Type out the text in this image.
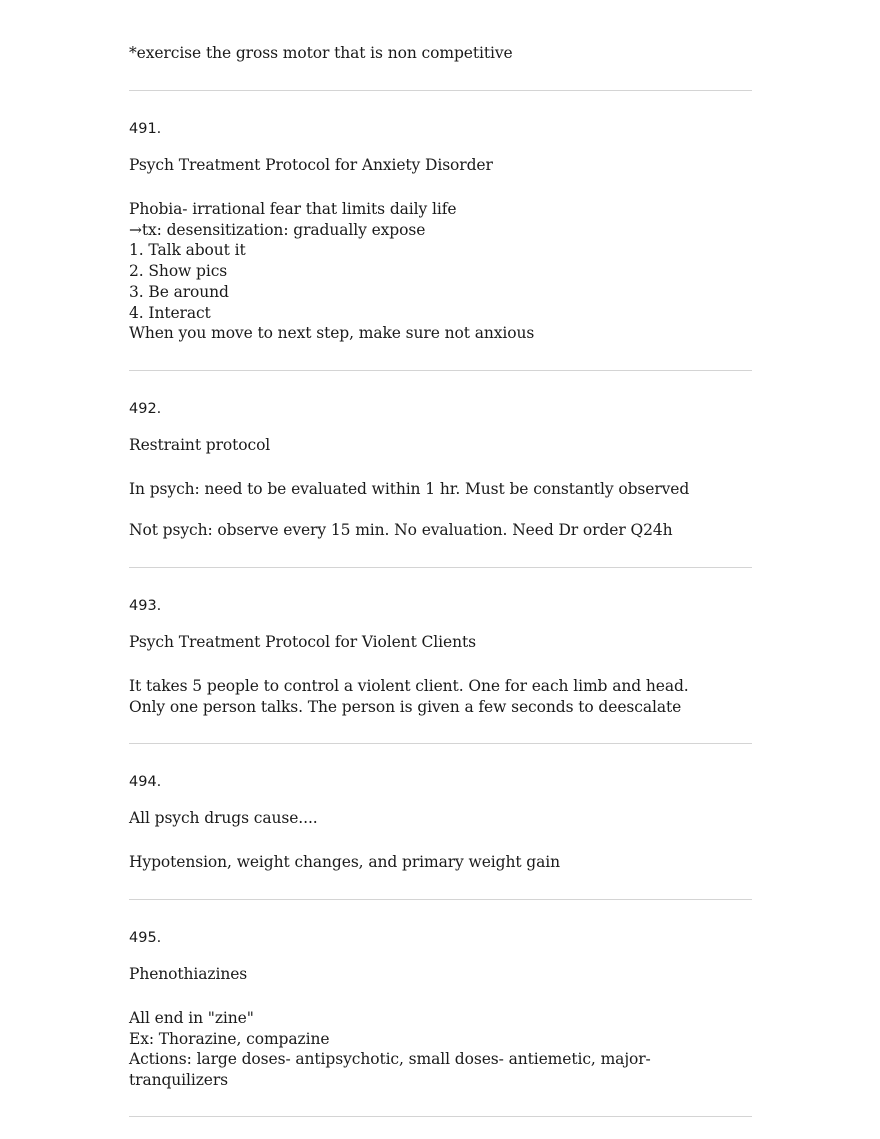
*exercise the gross motor that is non competitive
491.
Psych Treatment Protocol for Anxiety Disorder
Phobia- irrational fear that limits daily life
→tx: desensitization: gradually expose
1. Talk about it
2. Show pics
3. Be around
4. Interact
When you move to next step, make sure not anxious
492.
Restraint protocol
In psych: need to be evaluated within 1 hr. Must be constantly observed
Not psych: observe every 15 min. No evaluation. Need Dr order Q24h
493.
Psych Treatment Protocol for Violent Clients
It takes 5 people to control a violent client. One for each limb and head.
Only one person talks. The person is given a few seconds to deescalate
494.
All psych drugs cause....
Hypotension, weight changes, and primary weight gain
495.
Phenothiazines
All end in "zine"
Ex: Thorazine, compazine
Actions: large doses- antipsychotic, small doses- antiemetic, major-
tranquilizers
